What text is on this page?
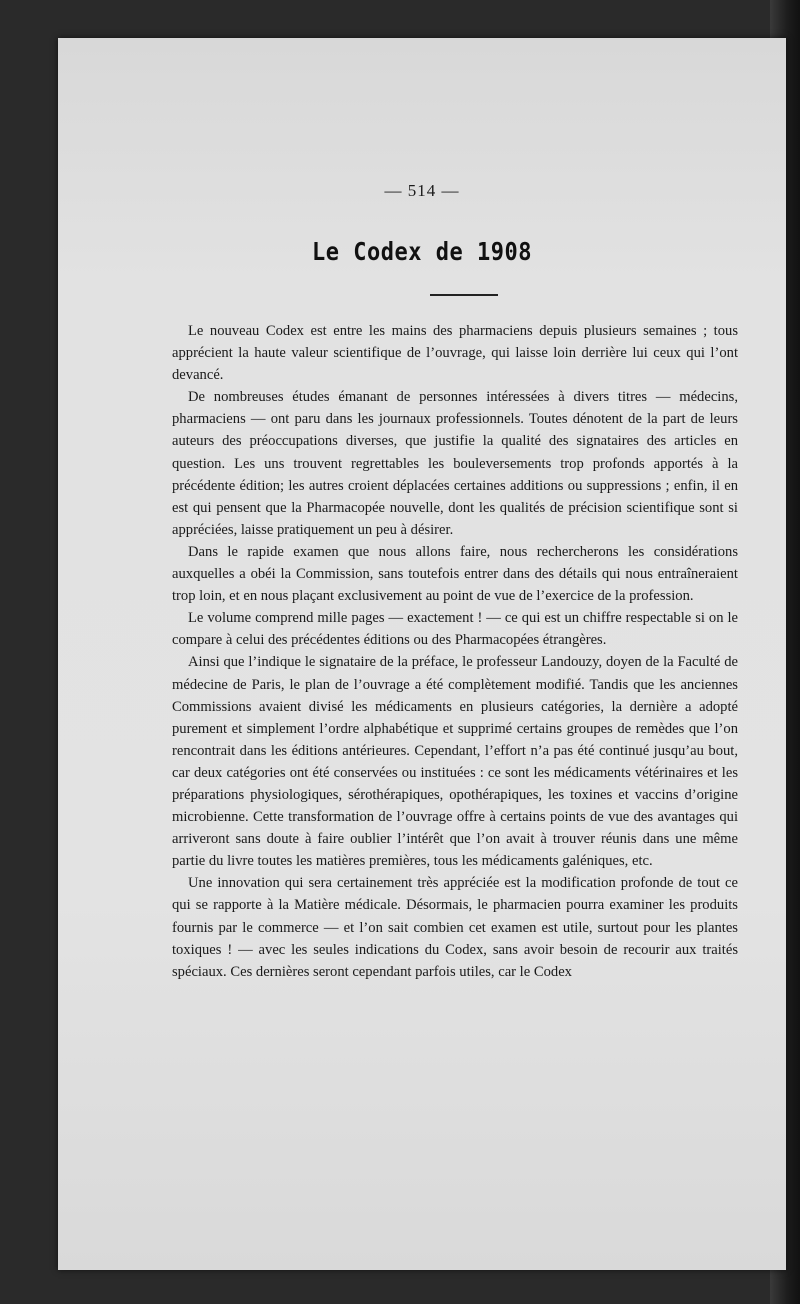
— 514 —
Le Codex de 1908

Le nouveau Codex est entre les mains des pharmaciens depuis plusieurs semaines ; tous apprécient la haute valeur scientifique de l’ouvrage, qui laisse loin derrière lui ceux qui l’ont devancé.

De nombreuses études émanant de personnes intéressées à divers titres — médecins, pharmaciens — ont paru dans les journaux professionnels. Toutes dénotent de la part de leurs auteurs des préoccupations diverses, que justifie la qualité des signataires des articles en question. Les uns trouvent regrettables les bouleversements trop profonds apportés à la précédente édition; les autres croient déplacées certaines additions ou suppressions ; enfin, il en est qui pensent que la Pharmacopée nouvelle, dont les qualités de précision scientifique sont si appréciées, laisse pratiquement un peu à désirer.

Dans le rapide examen que nous allons faire, nous rechercherons les considérations auxquelles a obéi la Commission, sans toutefois entrer dans des détails qui nous entraîneraient trop loin, et en nous plaçant exclusivement au point de vue de l’exercice de la profession.

Le volume comprend mille pages — exactement ! — ce qui est un chiffre respectable si on le compare à celui des précédentes éditions ou des Pharmacopées étrangères.

Ainsi que l’indique le signataire de la préface, le professeur Landouzy, doyen de la Faculté de médecine de Paris, le plan de l’ouvrage a été complètement modifié. Tandis que les anciennes Commissions avaient divisé les médicaments en plusieurs catégories, la dernière a adopté purement et simplement l’ordre alphabétique et supprimé certains groupes de remèdes que l’on rencontrait dans les éditions antérieures. Cependant, l’effort n’a pas été continué jusqu’au bout, car deux catégories ont été conservées ou instituées : ce sont les médicaments vétérinaires et les préparations physiologiques, sérothérapiques, opothérapiques, les toxines et vaccins d’origine microbienne. Cette transformation de l’ouvrage offre à certains points de vue des avantages qui arriveront sans doute à faire oublier l’intérêt que l’on avait à trouver réunis dans une même partie du livre toutes les matières premières, tous les médicaments galéniques, etc.

Une innovation qui sera certainement très appréciée est la modification profonde de tout ce qui se rapporte à la Matière médicale. Désormais, le pharmacien pourra examiner les produits fournis par le commerce — et l’on sait combien cet examen est utile, surtout pour les plantes toxiques ! — avec les seules indications du Codex, sans avoir besoin de recourir aux traités spéciaux. Ces dernières seront cependant parfois utiles, car le Codex
